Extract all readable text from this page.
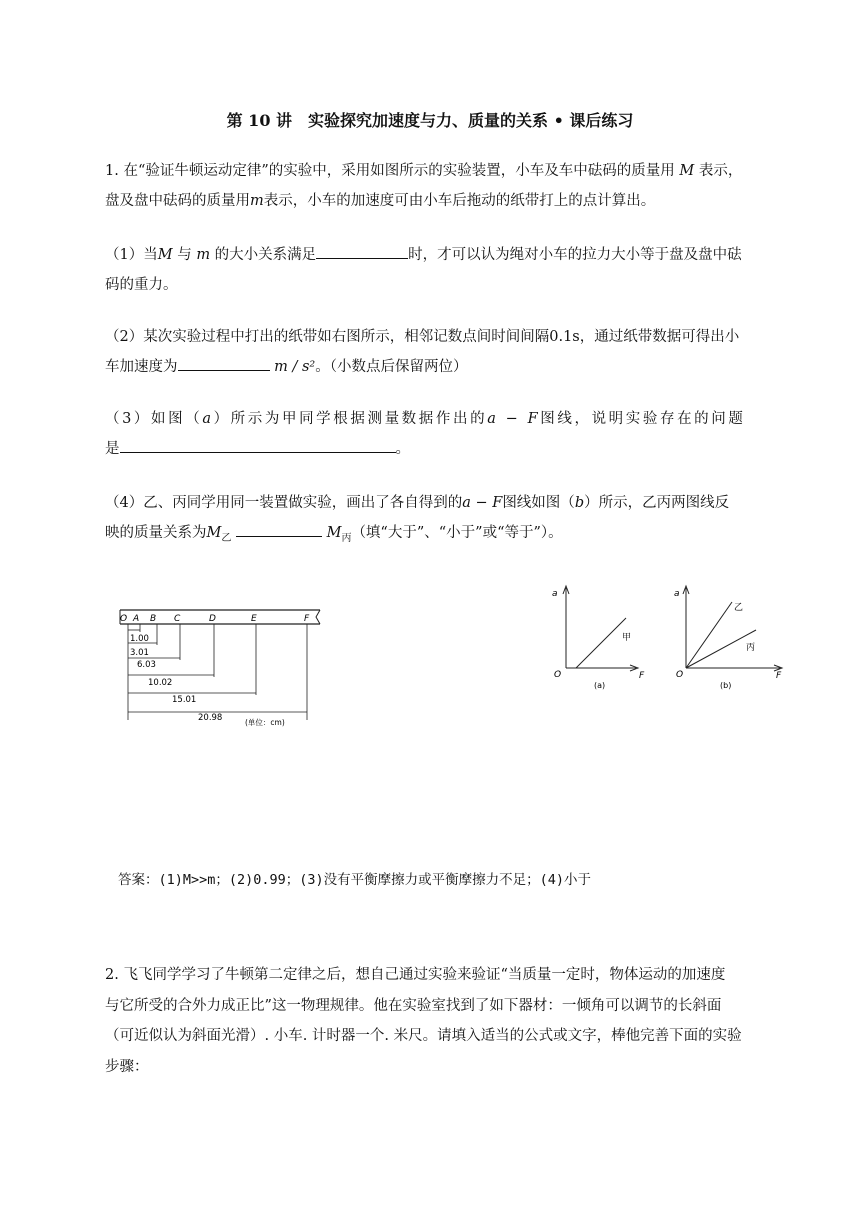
第 10 讲　实验探究加速度与力、质量的关系 • 课后练习
1. 在“验证牛顿运动定律”的实验中，采用如图所示的实验装置，小车及车中砝码的质量用 M 表示，
盘及盘中砝码的质量用m表示，小车的加速度可由小车后拖动的纸带打上的点计算出。
（1）当M 与 m 的大小关系满足	时，才可以认为绳对小车的拉力大小等于盘及盘中砝
码的重力。
（2）某次实验过程中打出的纸带如右图所示，相邻记数点间时间间隔0.1s，通过纸带数据可得出小
车加速度为	m / s²。（小数点后保留两位）
（3）如图（a）所示为甲同学根据测量数据作出的a − F图线，说明实验存在的问题
是	。
（4）乙、丙同学用同一装置做实验，画出了各自得到的a − F图线如图（b）所示，乙丙两图线反
映的质量关系为$M_乙$	$M_丙$（填“大于”、“小于”或“等于”）。
O A B C	D	E	F
1.00
3.01
6.03
10.02
15.01
20.98	(单位：cm)
a
F
O
甲
(a)
a
F
O
乙
丙
(b)
答案：(1)M>>m；(2)0.99；(3)没有平衡摩擦力或平衡摩擦力不足；(4)小于
2. 飞飞同学学习了牛顿第二定律之后，想自己通过实验来验证“当质量一定时，物体运动的加速度
与它所受的合外力成正比”这一物理规律。他在实验室找到了如下器材：一倾角可以调节的长斜面
（可近似认为斜面光滑）. 小车. 计时器一个. 米尺。请填入适当的公式或文字，棒他完善下面的实验
步骤：
